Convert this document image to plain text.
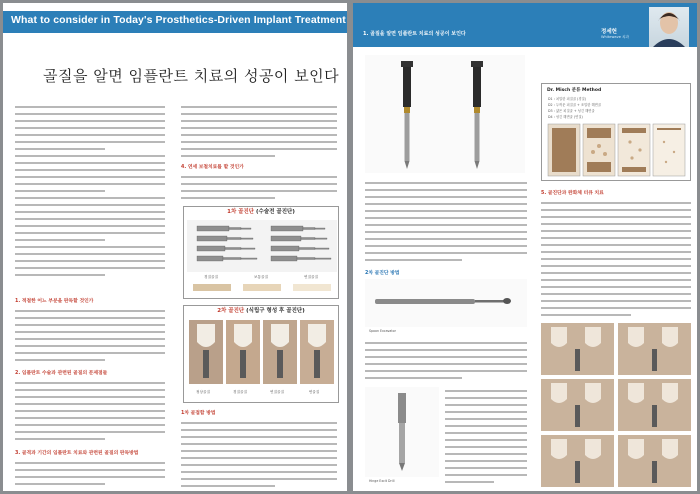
What to consider in Today's Prosthetics-Driven Implant Treatment
골질을 알면 임플란트 치료의 성공이 보인다
1. 적절한 어느 부분을 판독할 것인가
2. 임플란트 수술과 관련된 골질의 문제점들
3. 골격과 기간의 임플란트 치료와 관련된 골질의 판독방법
4. 연세 보철치료를 할 것인가
1차 골진단 (수술전 골진단)
경질골질	보통골질	연질골질
2차 골진단 (식립구 형성 후 골진단)
정상골질	경질골질	연질골질	연골질
1차 골접합 방법
1. 골질을 알면 임플란트 치료의 성공이 보인다	정세헌
Whitewave 치과
Dr. Misch 분류 Method
D1 : 치밀한 피질골 (경질)
D2 : 두꺼운 피질골 + 조밀한 해면골
D3 : 얇은 피질골 + 성긴 해면골
D4 : 성긴 해면골 (연질)
2차 골진단 방법
Spoon Excavator
Hinge Excit Drill
5. 골진단과 완화체 터큐 치료
